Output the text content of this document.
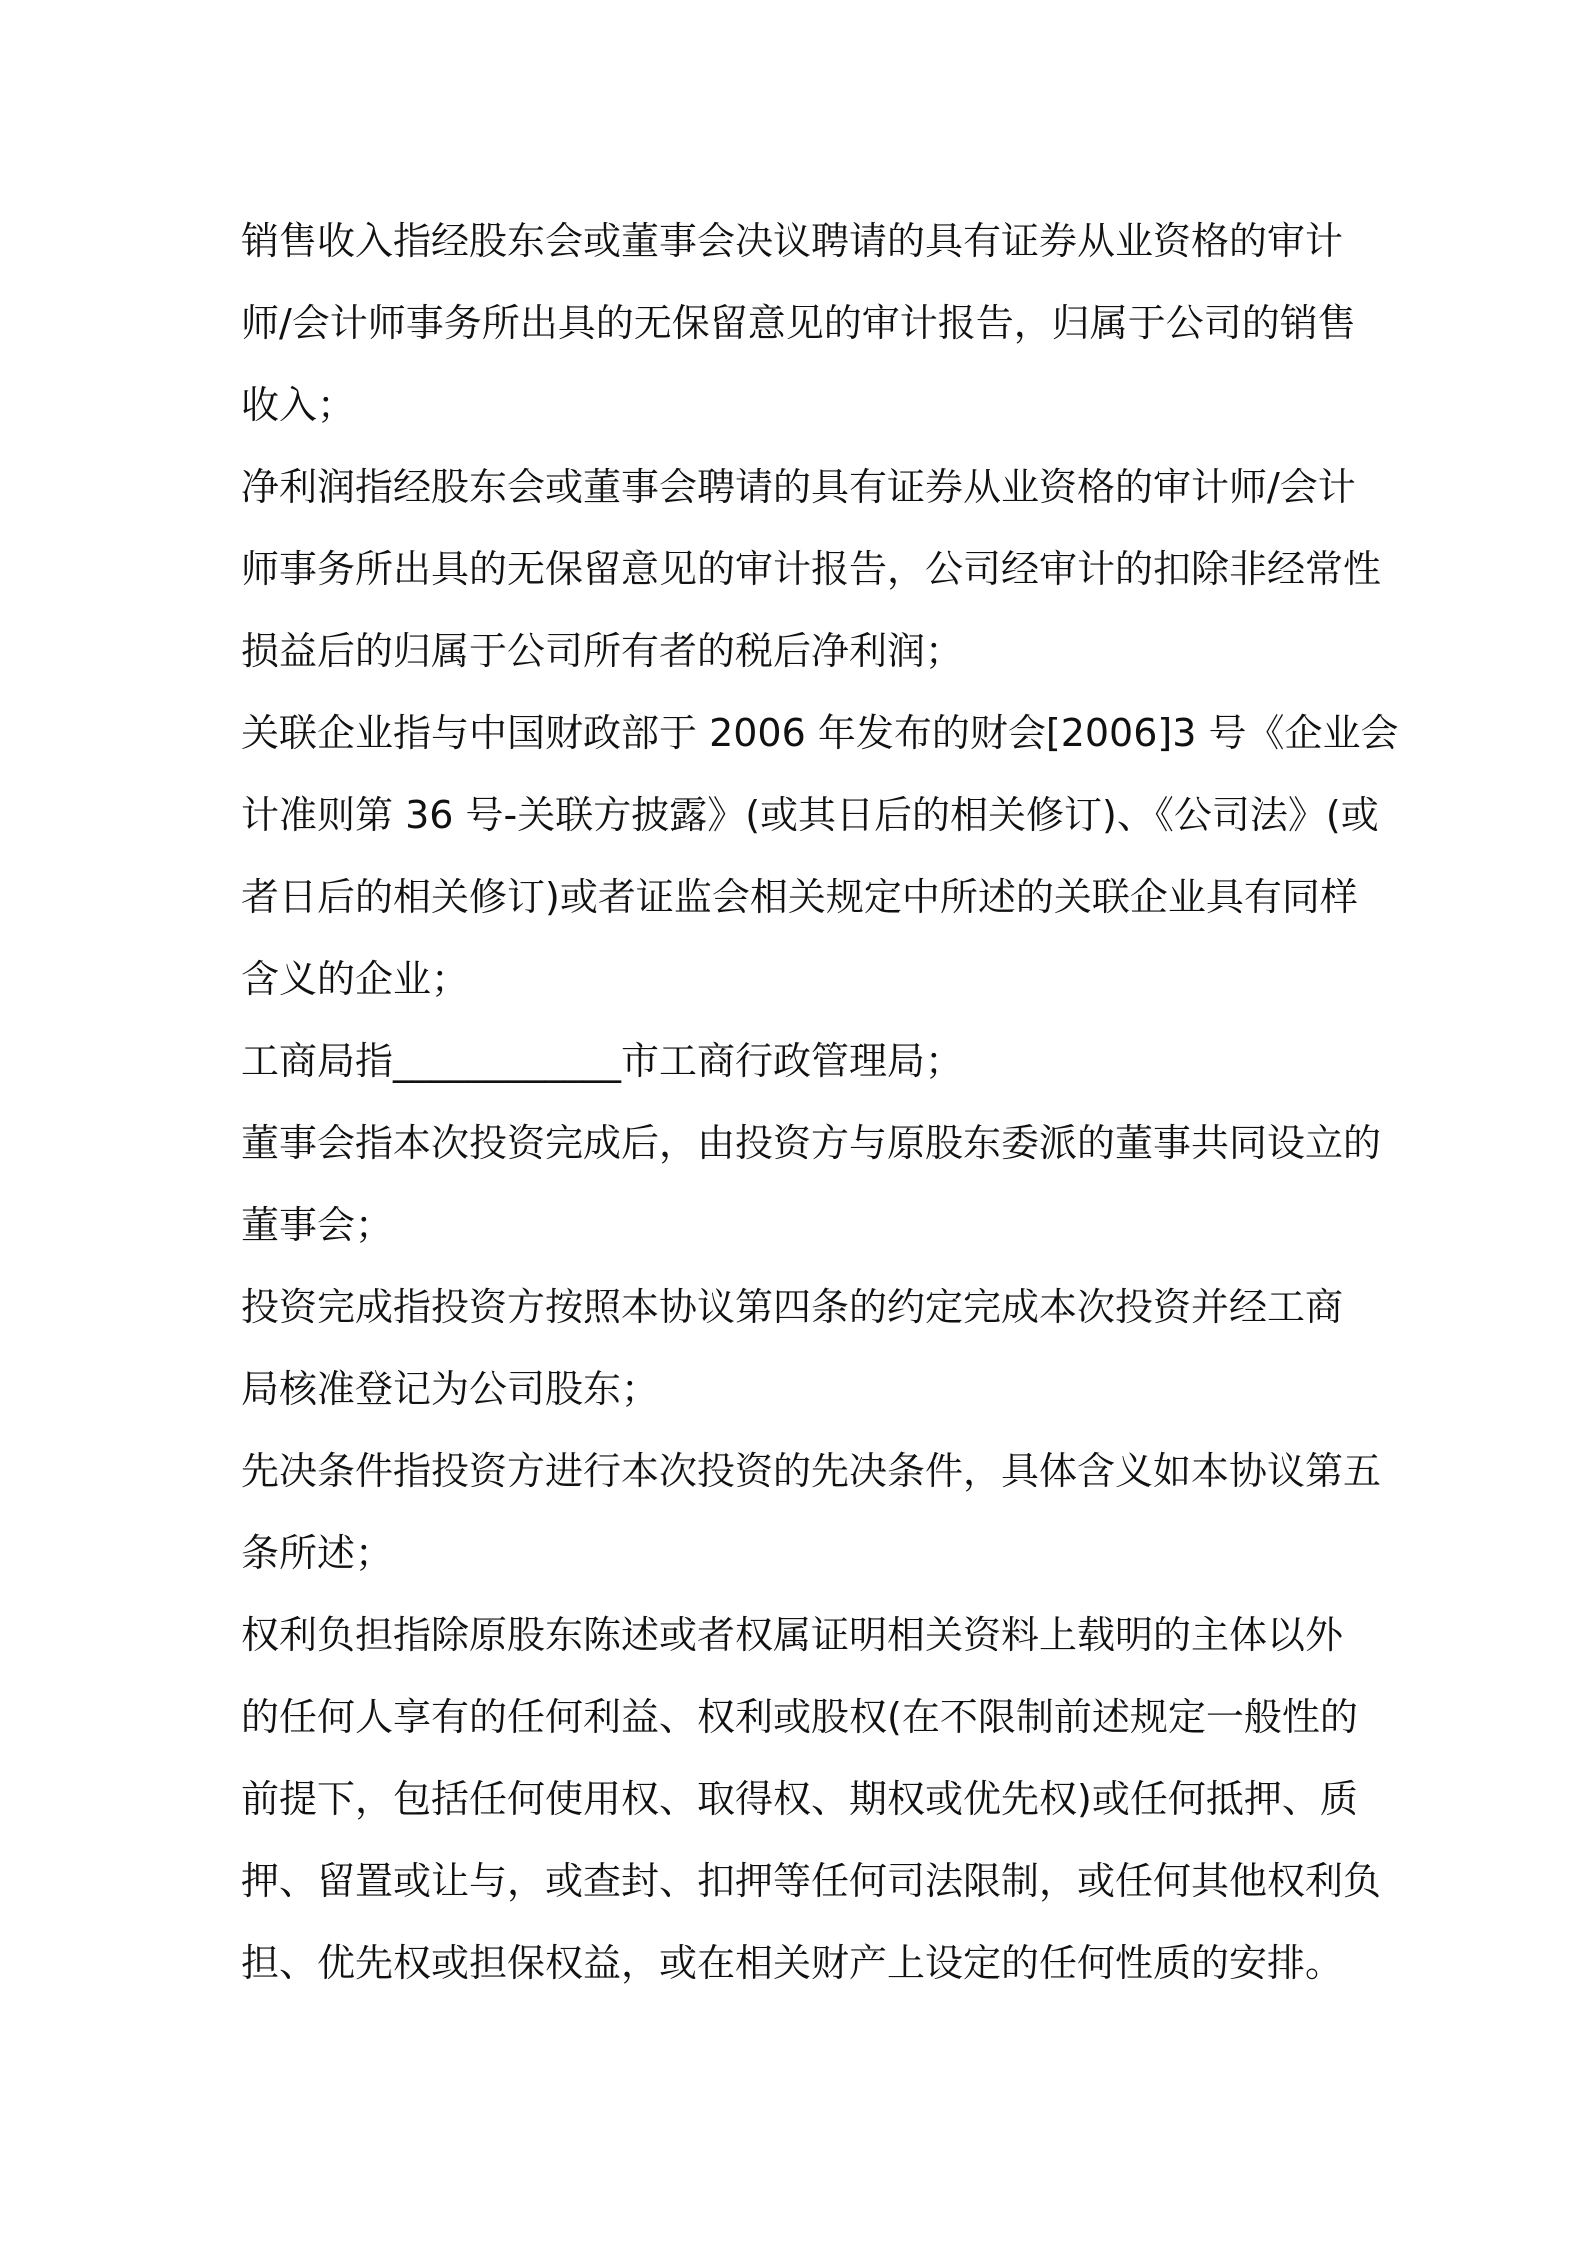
销售收入指经股东会或董事会决议聘请的具有证券从业资格的审计
师/会计师事务所出具的无保留意见的审计报告，归属于公司的销售
收入；
净利润指经股东会或董事会聘请的具有证券从业资格的审计师/会计
师事务所出具的无保留意见的审计报告，公司经审计的扣除非经常性
损益后的归属于公司所有者的税后净利润；
关联企业指与中国财政部于 2006 年发布的财会[2006]3 号《企业会
计准则第 36 号-关联方披露》(或其日后的相关修订)、《公司法》(或
者日后的相关修订)或者证监会相关规定中所述的关联企业具有同样
含义的企业；
工商局指____________市工商行政管理局；
董事会指本次投资完成后，由投资方与原股东委派的董事共同设立的
董事会；
投资完成指投资方按照本协议第四条的约定完成本次投资并经工商
局核准登记为公司股东；
先决条件指投资方进行本次投资的先决条件，具体含义如本协议第五
条所述；
权利负担指除原股东陈述或者权属证明相关资料上载明的主体以外
的任何人享有的任何利益、权利或股权(在不限制前述规定一般性的
前提下，包括任何使用权、取得权、期权或优先权)或任何抵押、质
押、留置或让与，或查封、扣押等任何司法限制，或任何其他权利负
担、优先权或担保权益，或在相关财产上设定的任何性质的安排。
